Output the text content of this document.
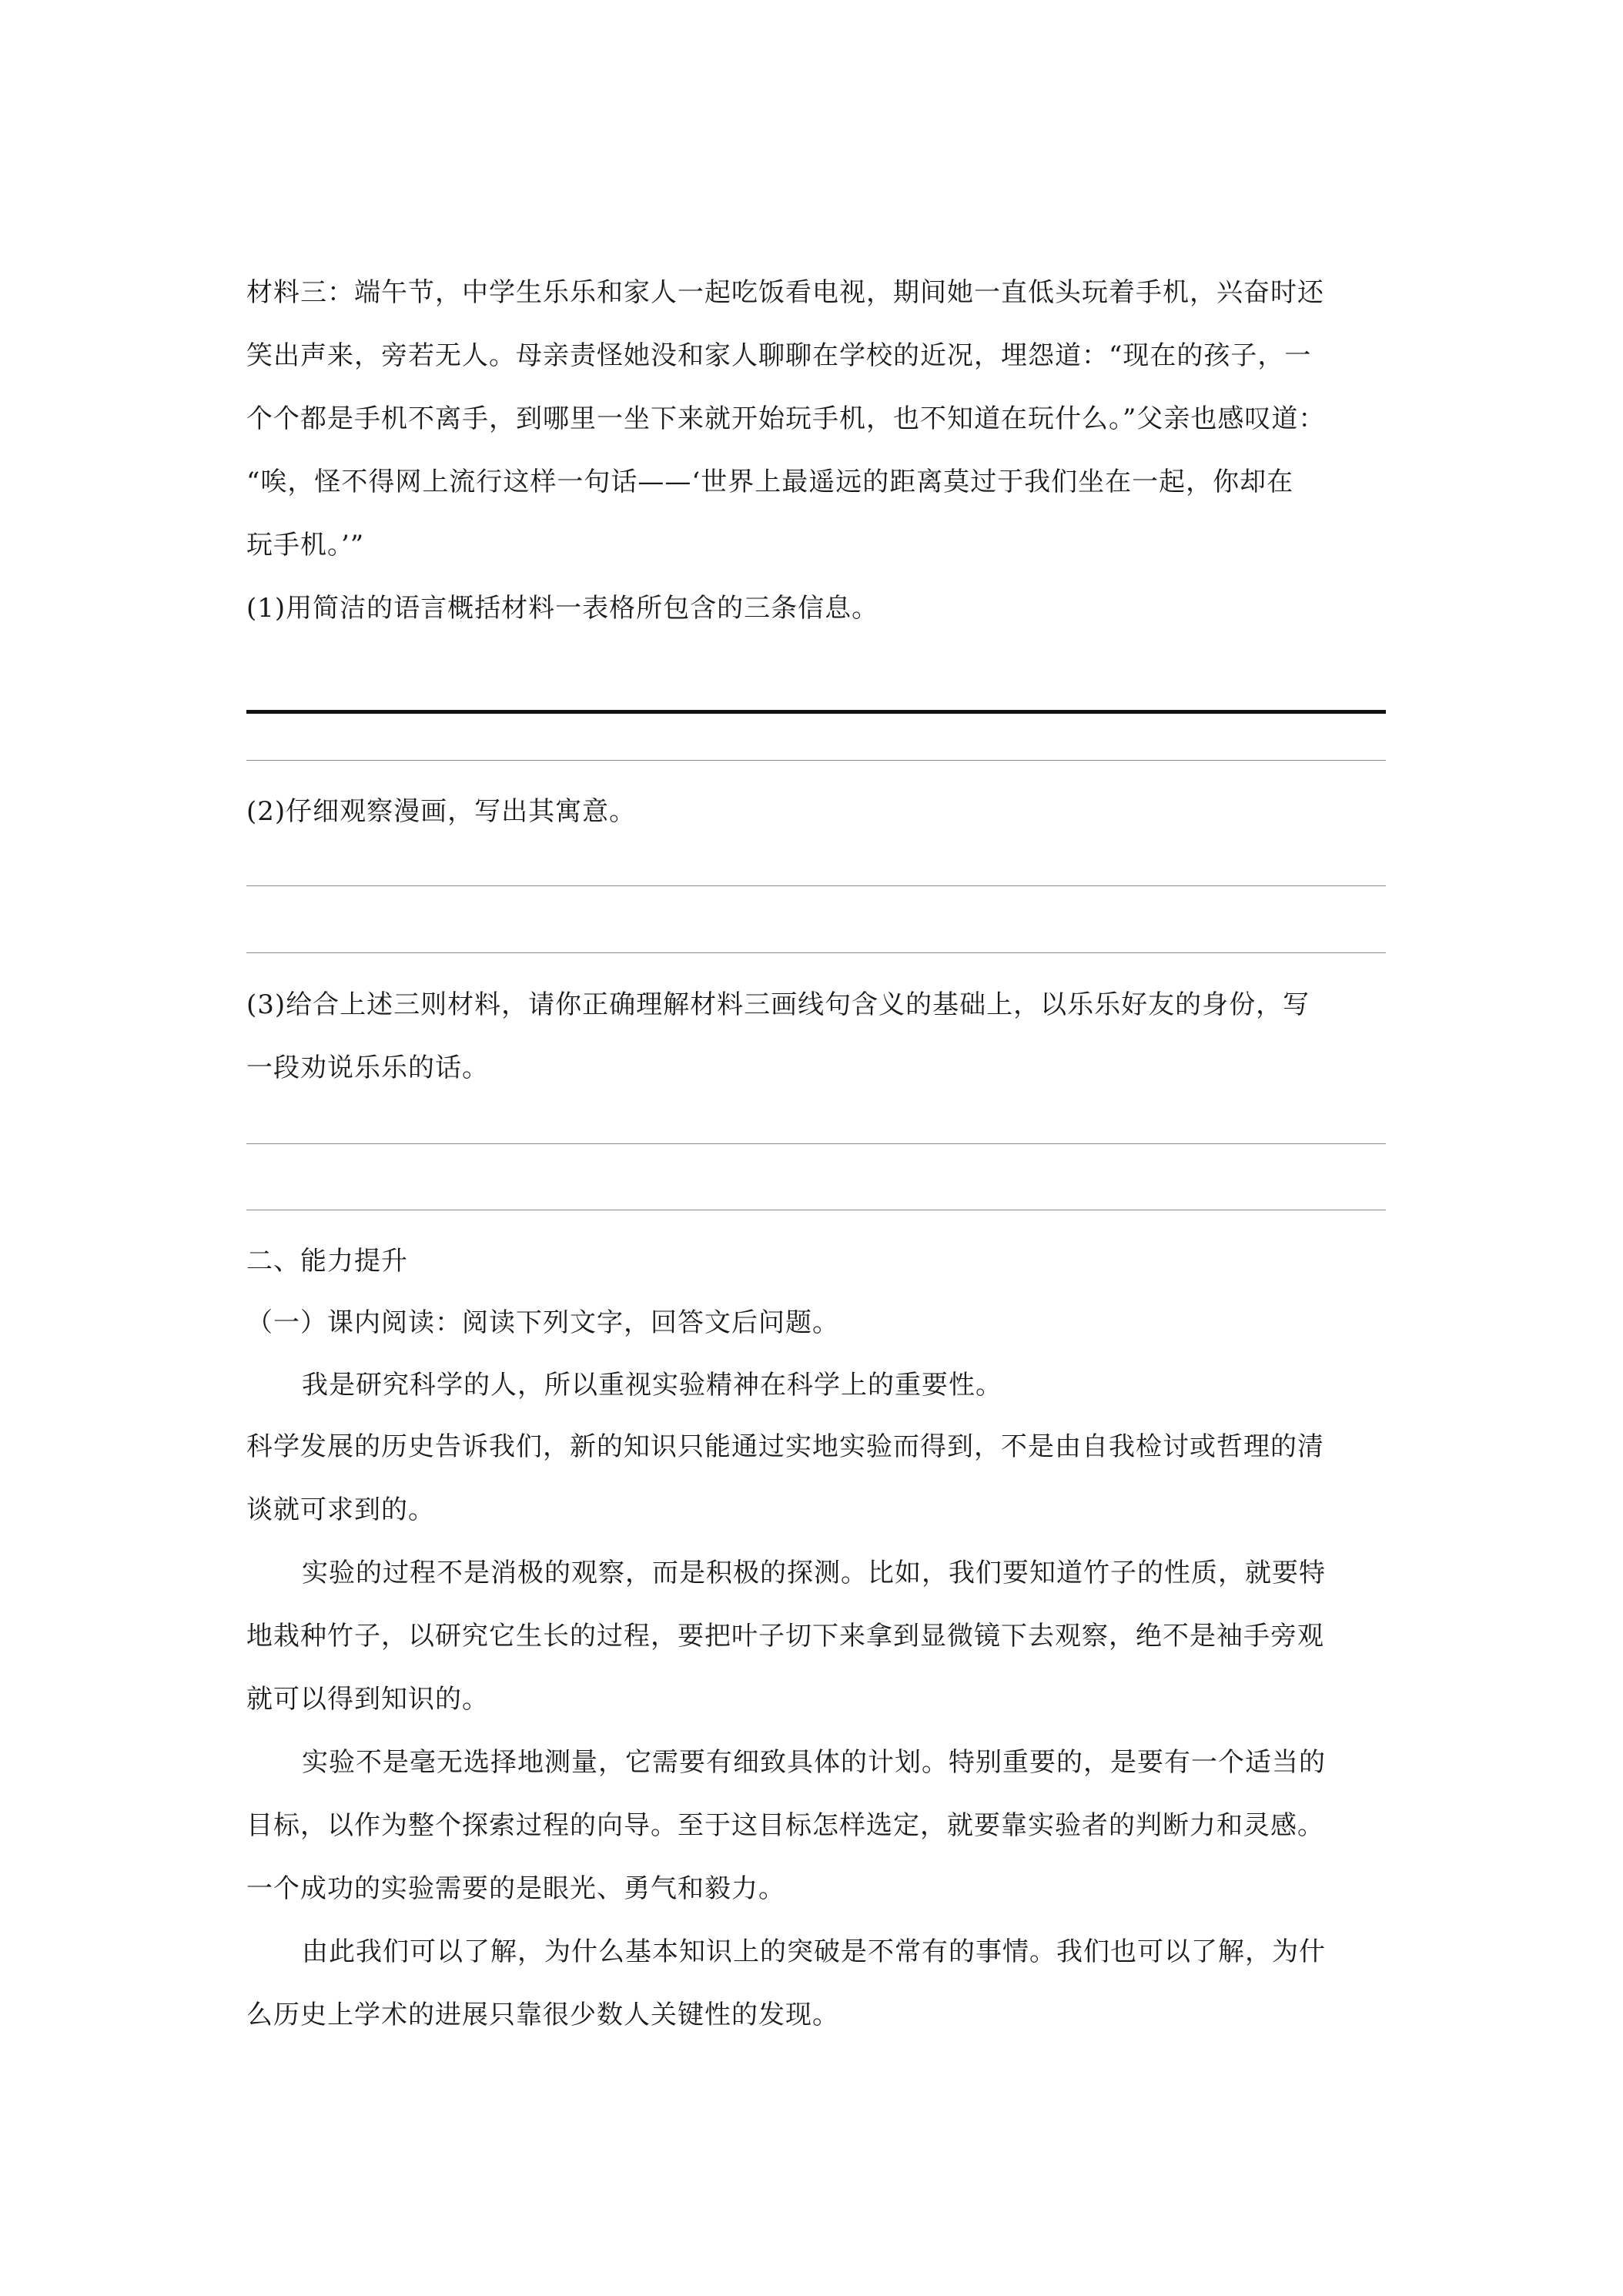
材料三：端午节，中学生乐乐和家人一起吃饭看电视，期间她一直低头玩着手机，兴奋时还
笑出声来，旁若无人。母亲责怪她没和家人聊聊在学校的近况，埋怨道：“现在的孩子，一
个个都是手机不离手，到哪里一坐下来就开始玩手机，也不知道在玩什么。”父亲也感叹道：
“唉，怪不得网上流行这样一句话——‘世界上最遥远的距离莫过于我们坐在一起，你却在
玩手机。’”
(1)用简洁的语言概括材料一表格所包含的三条信息。
(2)仔细观察漫画，写出其寓意。
(3)给合上述三则材料，请你正确理解材料三画线句含义的基础上，以乐乐好友的身份，写
一段劝说乐乐的话。
二、能力提升
（一）课内阅读：阅读下列文字，回答文后问题。
我是研究科学的人，所以重视实验精神在科学上的重要性。
科学发展的历史告诉我们，新的知识只能通过实地实验而得到，不是由自我检讨或哲理的清
谈就可求到的。
实验的过程不是消极的观察，而是积极的探测。比如，我们要知道竹子的性质，就要特
地栽种竹子，以研究它生长的过程，要把叶子切下来拿到显微镜下去观察，绝不是袖手旁观
就可以得到知识的。
实验不是毫无选择地测量，它需要有细致具体的计划。特别重要的，是要有一个适当的
目标，以作为整个探索过程的向导。至于这目标怎样选定，就要靠实验者的判断力和灵感。
一个成功的实验需要的是眼光、勇气和毅力。
由此我们可以了解，为什么基本知识上的突破是不常有的事情。我们也可以了解，为什
么历史上学术的进展只靠很少数人关键性的发现。
